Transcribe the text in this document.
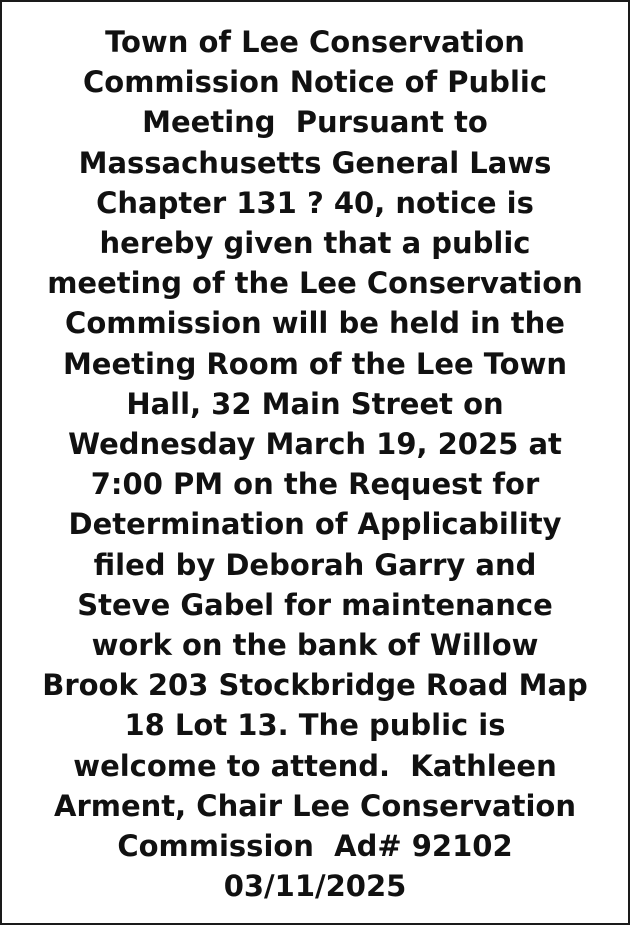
Town of Lee Conservation
Commission Notice of Public
Meeting  Pursuant to
Massachusetts General Laws
Chapter 131 ? 40, notice is
hereby given that a public
meeting of the Lee Conservation
Commission will be held in the
Meeting Room of the Lee Town
Hall, 32 Main Street on
Wednesday March 19, 2025 at
7:00 PM on the Request for
Determination of Applicability
filed by Deborah Garry and
Steve Gabel for maintenance
work on the bank of Willow
Brook 203 Stockbridge Road Map
18 Lot 13. The public is
welcome to attend.  Kathleen
Arment, Chair Lee Conservation
Commission  Ad# 92102
03/11/2025
